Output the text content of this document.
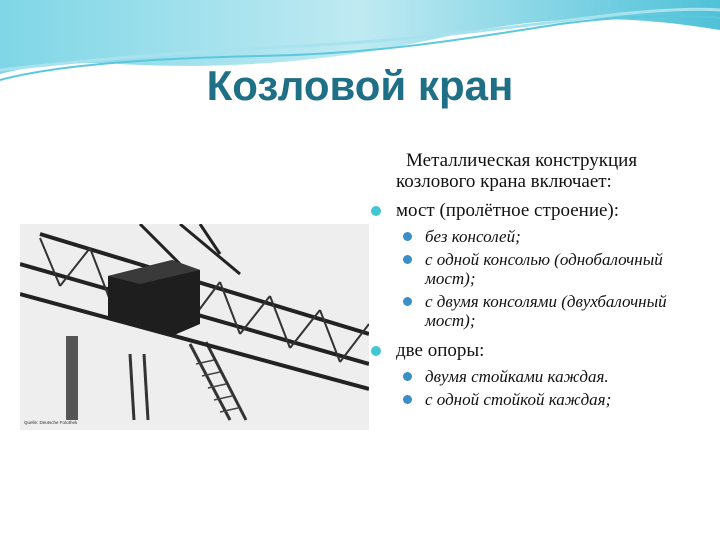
Козловой кран
Quelle: Deutsche Fotothek

Металлическая конструкция козлового крана включает:

мост (пролётное строение):
без консолей;
с одной консолью (однобалочный мост);
с двумя консолями (двухбалочный мост);
две опоры:
двумя стойками каждая.
с одной стойкой каждая;
